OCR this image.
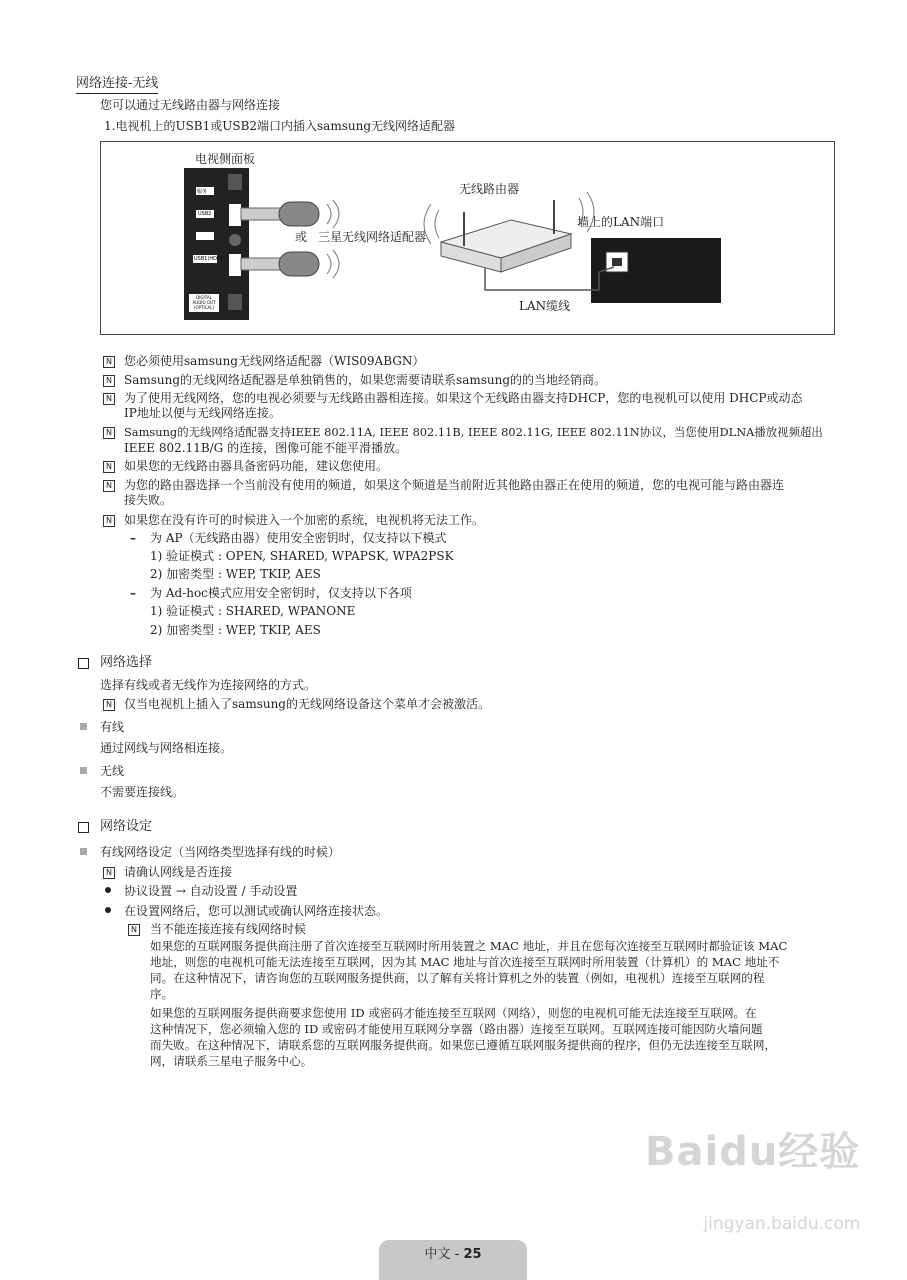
网络连接-无线
您可以通过无线路由器与网络连接
1.电视机上的USB1或USB2端口内插入samsung无线网络适配器
电视侧面板
无线路由器
墙上的LAN端口
或 三星无线网络适配器
LAN缆线
服务
USB2
USB1(HDD)
DIGITAL AUDIO OUT (OPTICAL)
N 您必须使用samsung无线网络适配器（WIS09ABGN）
N Samsung的无线网络适配器是单独销售的，如果您需要请联系samsung的的当地经销商。
N 为了使用无线网络，您的电视必须要与无线路由器相连接。如果这个无线路由器支持DHCP，您的电视机可以使用 DHCP或动态
IP地址以便与无线网络连接。
N Samsung的无线网络适配器支持IEEE 802.11A, IEEE 802.11B, IEEE 802.11G, IEEE 802.11N协议，当您使用DLNA播放视频超出
IEEE 802.11B/G 的连接，图像可能不能平滑播放。
N 如果您的无线路由器具备密码功能，建议您使用。
N 为您的路由器选择一个当前没有使用的频道，如果这个频道是当前附近其他路由器正在使用的频道，您的电视可能与路由器连
接失败。
N 如果您在没有许可的时候进入一个加密的系统，电视机将无法工作。
– 为 AP（无线路由器）使用安全密钥时，仅支持以下模式
1) 验证模式 : OPEN, SHARED, WPAPSK, WPA2PSK
2) 加密类型 : WEP, TKIP, AES
– 为 Ad-hoc模式应用安全密钥时，仅支持以下各项
1) 验证模式 : SHARED, WPANONE
2) 加密类型 : WEP, TKIP, AES
网络选择
选择有线或者无线作为连接网络的方式。
N 仅当电视机上插入了samsung的无线网络设备这个菜单才会被激活。
有线
通过网线与网络相连接。
无线
不需要连接线。
网络设定
有线网络设定（当网络类型选择有线的时候）
N 请确认网线是否连接
协议设置 → 自动设置 / 手动设置
在设置网络后，您可以测试或确认网络连接状态。
N 当不能连接连接有线网络时候
如果您的互联网服务提供商注册了首次连接至互联网时所用装置之 MAC 地址，并且在您每次连接至互联网时都验证该 MAC
地址，则您的电视机可能无法连接至互联网，因为其 MAC 地址与首次连接至互联网时所用装置（计算机）的 MAC 地址不
同。在这种情况下，请咨询您的互联网服务提供商，以了解有关将计算机之外的装置（例如，电视机）连接至互联网的程
序。
如果您的互联网服务提供商要求您使用 ID 或密码才能连接至互联网（网络），则您的电视机可能无法连接至互联网。在
这种情况下，您必须输入您的 ID 或密码才能使用互联网分享器（路由器）连接至互联网。互联网连接可能因防火墙问题
而失败。在这种情况下，请联系您的互联网服务提供商。如果您已遵循互联网服务提供商的程序，但仍无法连接至互联网，
网，请联系三星电子服务中心。
Baidu经验
jingyan.baidu.com
中文 - 25
